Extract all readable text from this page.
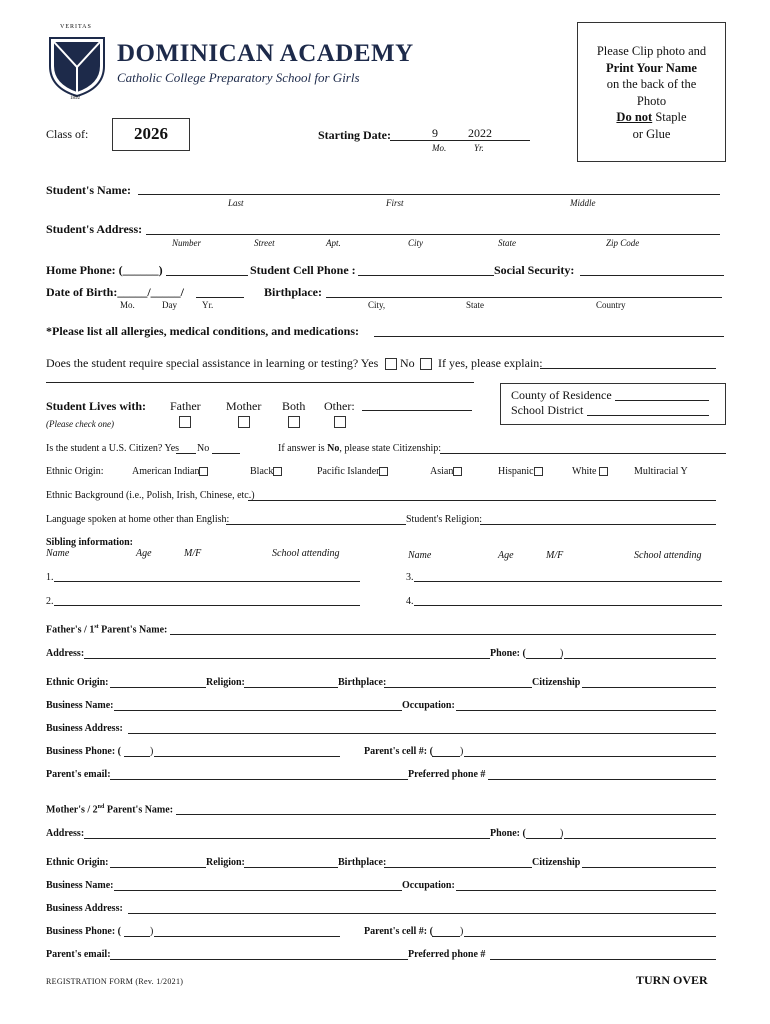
VERITAS
1892
DOMINICAN ACADEMY
Catholic College Preparatory School for Girls
Please Clip photo and
Print Your Name
on the back of the
Photo
Do not Staple
or Glue
Class of:	2026	Starting Date:	9	2022
Mo.	Yr.
Student's Name:
Last	First	Middle
Student's Address:
Number	Street	Apt.	City	State	Zip Code
Home Phone: (______)	Student Cell Phone :	Social Security:
Date of Birth:_____/_____/
Mo.	Day	Yr.
Birthplace:
City,	State	Country
*Please list all allergies, medical conditions, and medications:
Does the student require special assistance in learning or testing? Yes No If yes, please explain:
Student Lives with:
(Please check one)
Father Mother Both Other:
County of Residence
School District
Is the student a U.S. Citizen? Yes No	If answer is No, please state Citizenship:
Ethnic Origin:	American Indian	Black	Pacific Islander	Asian	Hispanic	White	Multiracial Y
Ethnic Background (i.e., Polish, Irish, Chinese, etc.)
Language spoken at home other than English:	Student's Religion:
Sibling information:
Name	Age	M/F	School attending	Name	Age	M/F	School attending
1.	3.
2.	4.
Father's / 1st Parent's Name:
Address:	Phone: (	)
Ethnic Origin:	Religion:	Birthplace:	Citizenship
Business Name:	Occupation:
Business Address:
Business Phone: (	)	Parent's cell #: (	)
Parent's email:	Preferred phone #
Mother's / 2nd Parent's Name:
Address:	Phone: (	)
Ethnic Origin:	Religion:	Birthplace:	Citizenship
Business Name:	Occupation:
Business Address:
Business Phone: (	)	Parent's cell #: (	)
Parent's email:	Preferred phone #
REGISTRATION FORM (Rev. 1/2021)	TURN OVER
